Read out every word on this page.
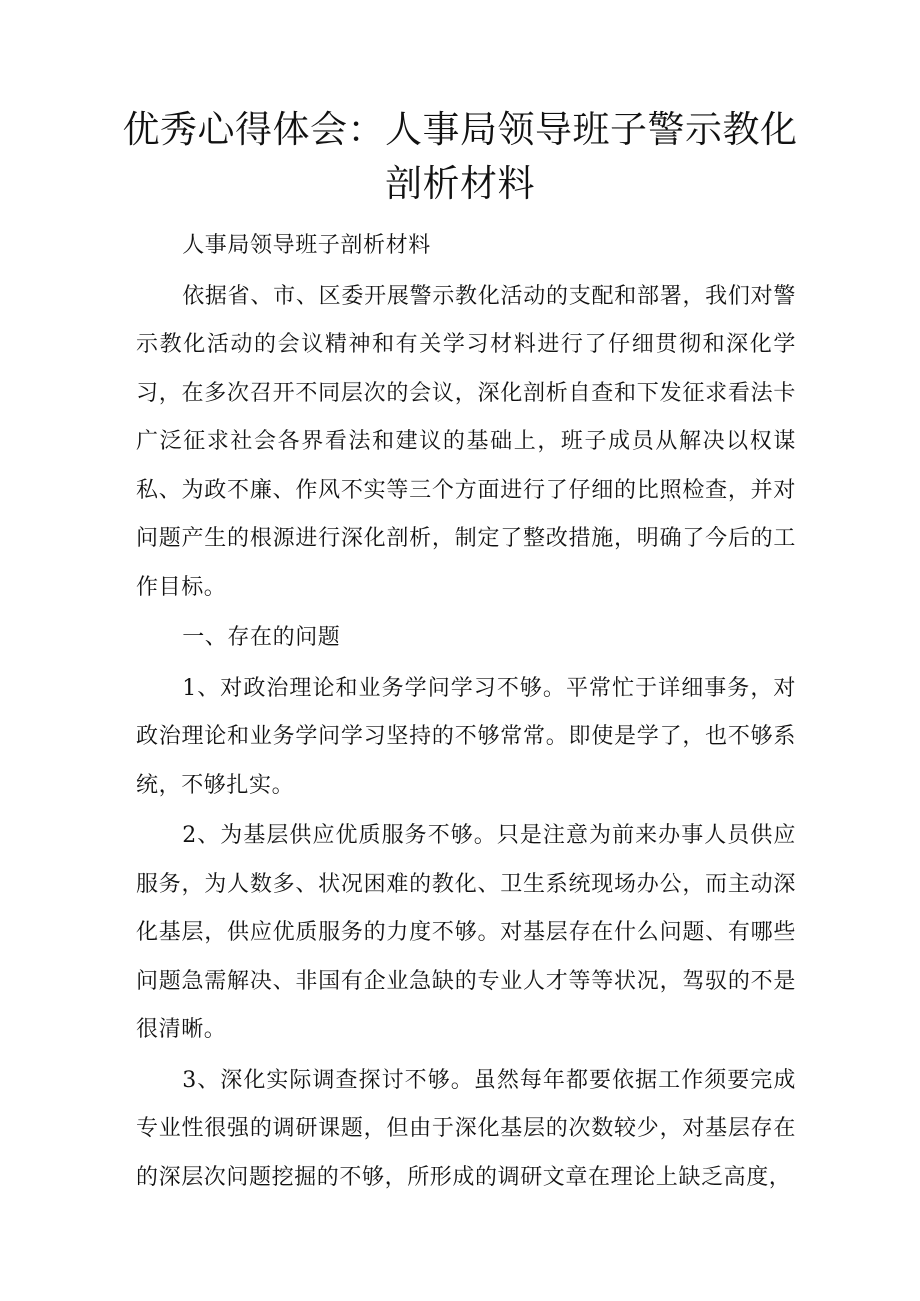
优秀心得体会：人事局领导班子警示教化剖析材料

人事局领导班子剖析材料

依据省、市、区委开展警示教化活动的支配和部署，我们对警示教化活动的会议精神和有关学习材料进行了仔细贯彻和深化学习，在多次召开不同层次的会议，深化剖析自查和下发征求看法卡广泛征求社会各界看法和建议的基础上，班子成员从解决以权谋私、为政不廉、作风不实等三个方面进行了仔细的比照检查，并对问题产生的根源进行深化剖析，制定了整改措施，明确了今后的工作目标。

一、存在的问题

1、对政治理论和业务学问学习不够。平常忙于详细事务，对政治理论和业务学问学习坚持的不够常常。即使是学了，也不够系统，不够扎实。

2、为基层供应优质服务不够。只是注意为前来办事人员供应服务，为人数多、状况困难的教化、卫生系统现场办公，而主动深化基层，供应优质服务的力度不够。对基层存在什么问题、有哪些问题急需解决、非国有企业急缺的专业人才等等状况，驾驭的不是很清晰。

3、深化实际调查探讨不够。虽然每年都要依据工作须要完成专业性很强的调研课题，但由于深化基层的次数较少，对基层存在的深层次问题挖掘的不够，所形成的调研文章在理论上缺乏高度，
